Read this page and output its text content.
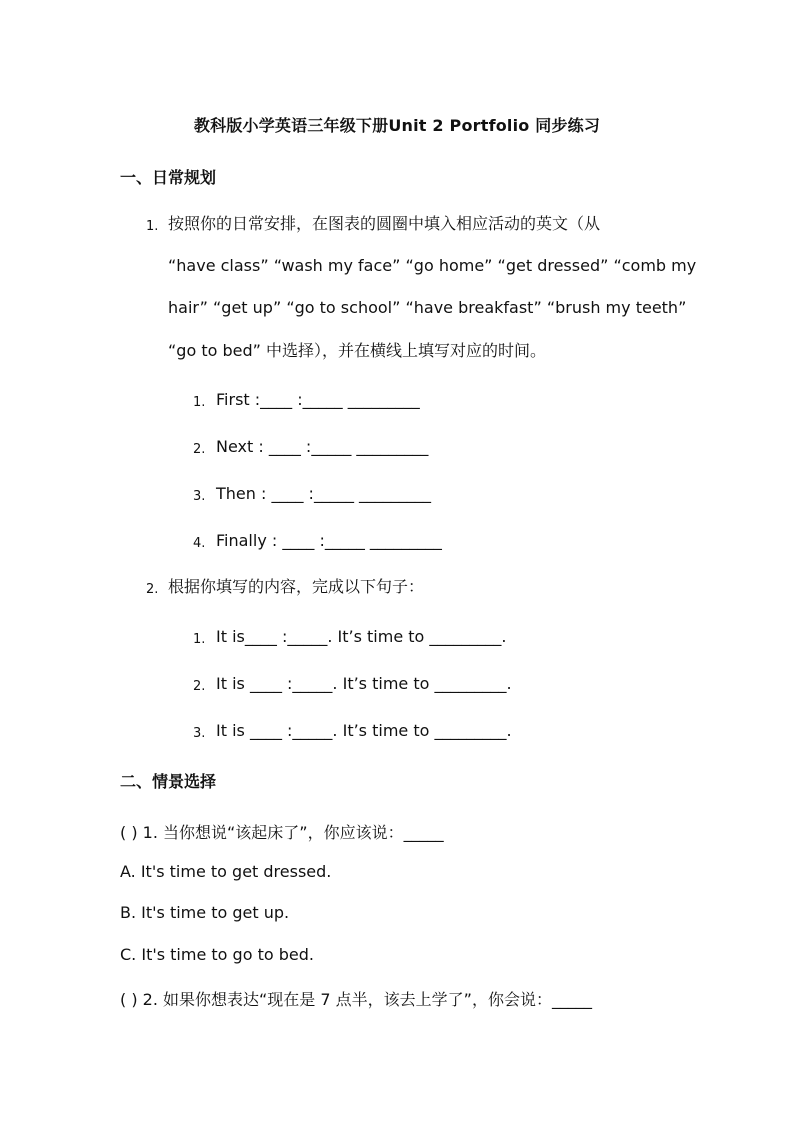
教科版小学英语三年级下册Unit 2 Portfolio 同步练习
一、日常规划
1. 按照你的日常安排，在图表的圆圈中填入相应活动的英文（从
“have class” “wash my face” “go home” “get dressed” “comb my
hair” “get up” “go to school” “have breakfast” “brush my teeth”
“go to bed” 中选择），并在横线上填写对应的时间。
1. First :____ :_____ _________
2. Next : ____ :_____ _________
3. Then : ____ :_____ _________
4. Finally : ____ :_____ _________
2. 根据你填写的内容，完成以下句子：
1. It is____ :_____. It’s time to _________.
2. It is ____ :_____. It’s time to _________.
3. It is ____ :_____. It’s time to _________.
二、情景选择
( ) 1. 当你想说“该起床了”，你应该说：_____
A. It's time to get dressed.
B. It's time to get up.
C. It's time to go to bed.
( ) 2. 如果你想表达“现在是 7 点半，该去上学了”，你会说：_____
